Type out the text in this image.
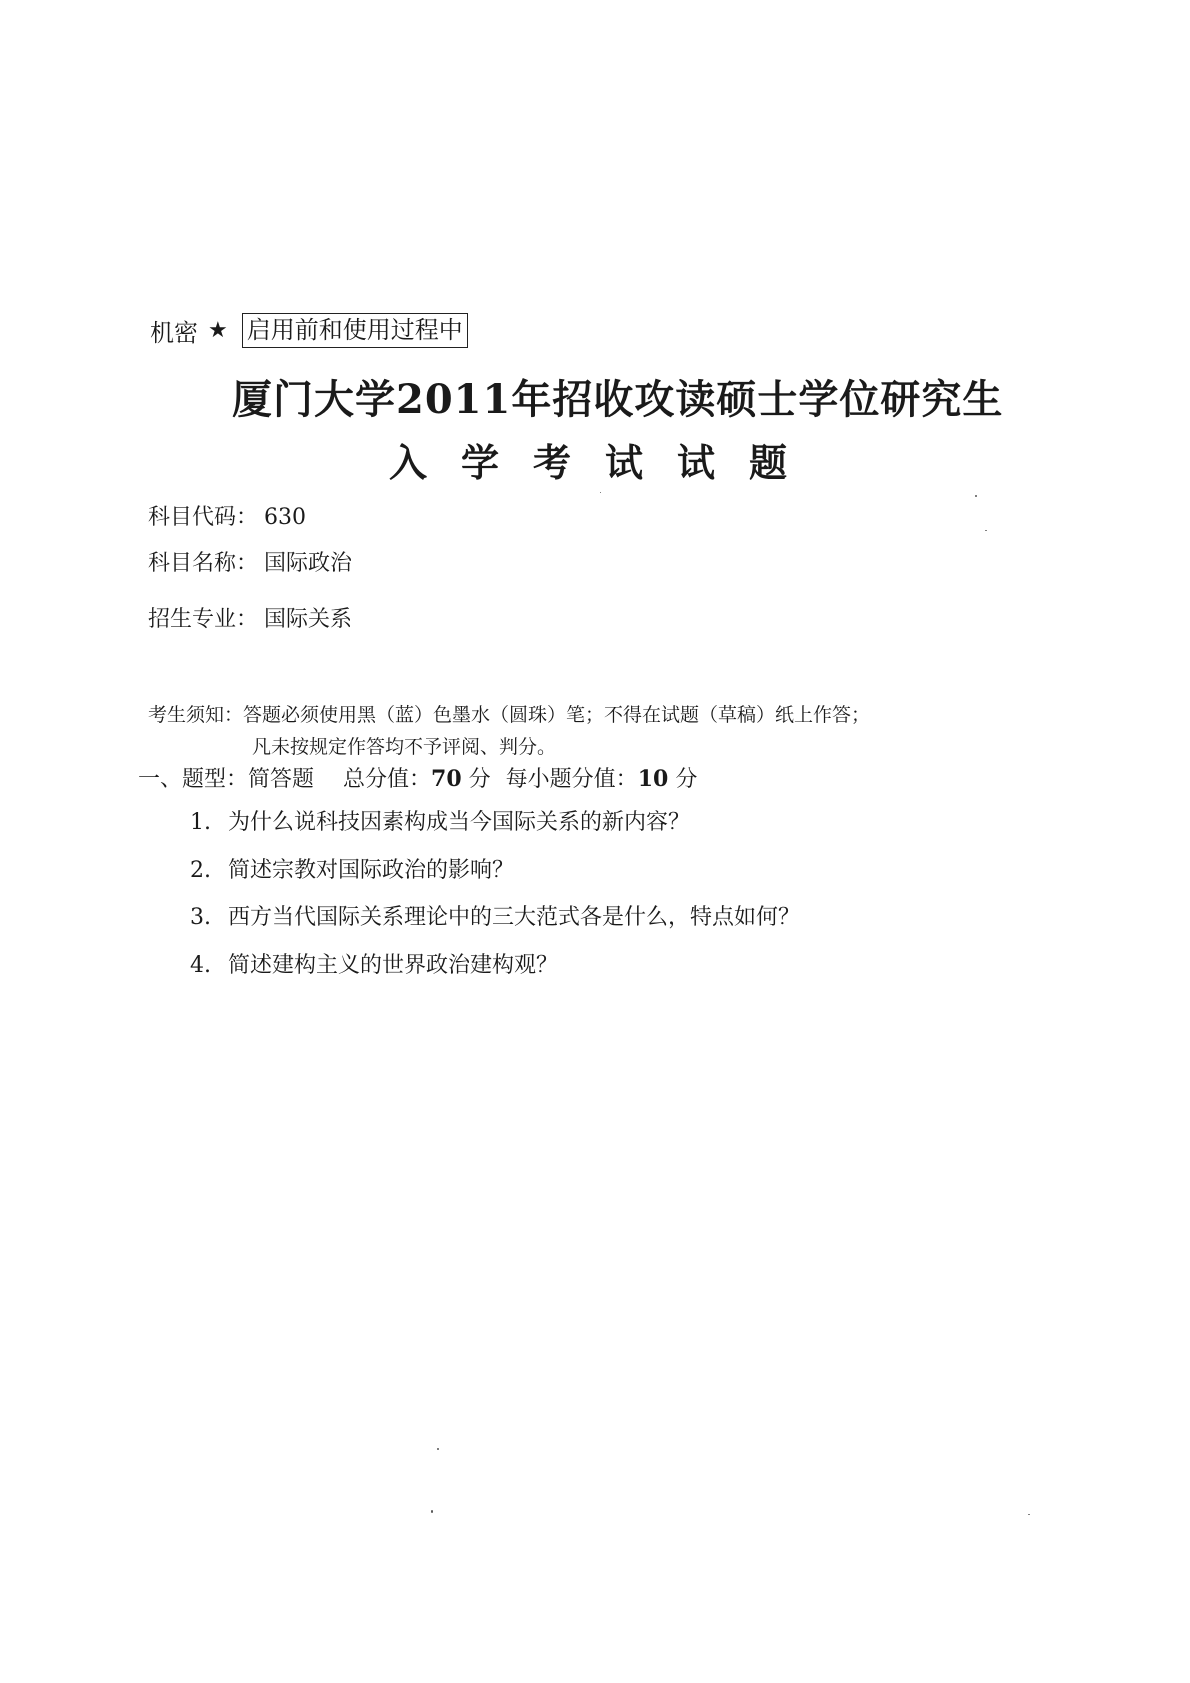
机密 ★ 启用前和使用过程中
厦门大学2011年招收攻读硕士学位研究生
入学考试试题
科目代码： 630
科目名称： 国际政治
招生专业： 国际关系
考生须知：答题必须使用黑（蓝）色墨水（圆珠）笔；不得在试题（草稿）纸上作答；
凡未按规定作答均不予评阅、判分。
一、题型：简答题 总分值：70 分 每小题分值：10 分
1. 为什么说科技因素构成当今国际关系的新内容？
2. 简述宗教对国际政治的影响？
3. 西方当代国际关系理论中的三大范式各是什么，特点如何？
4. 简述建构主义的世界政治建构观？
